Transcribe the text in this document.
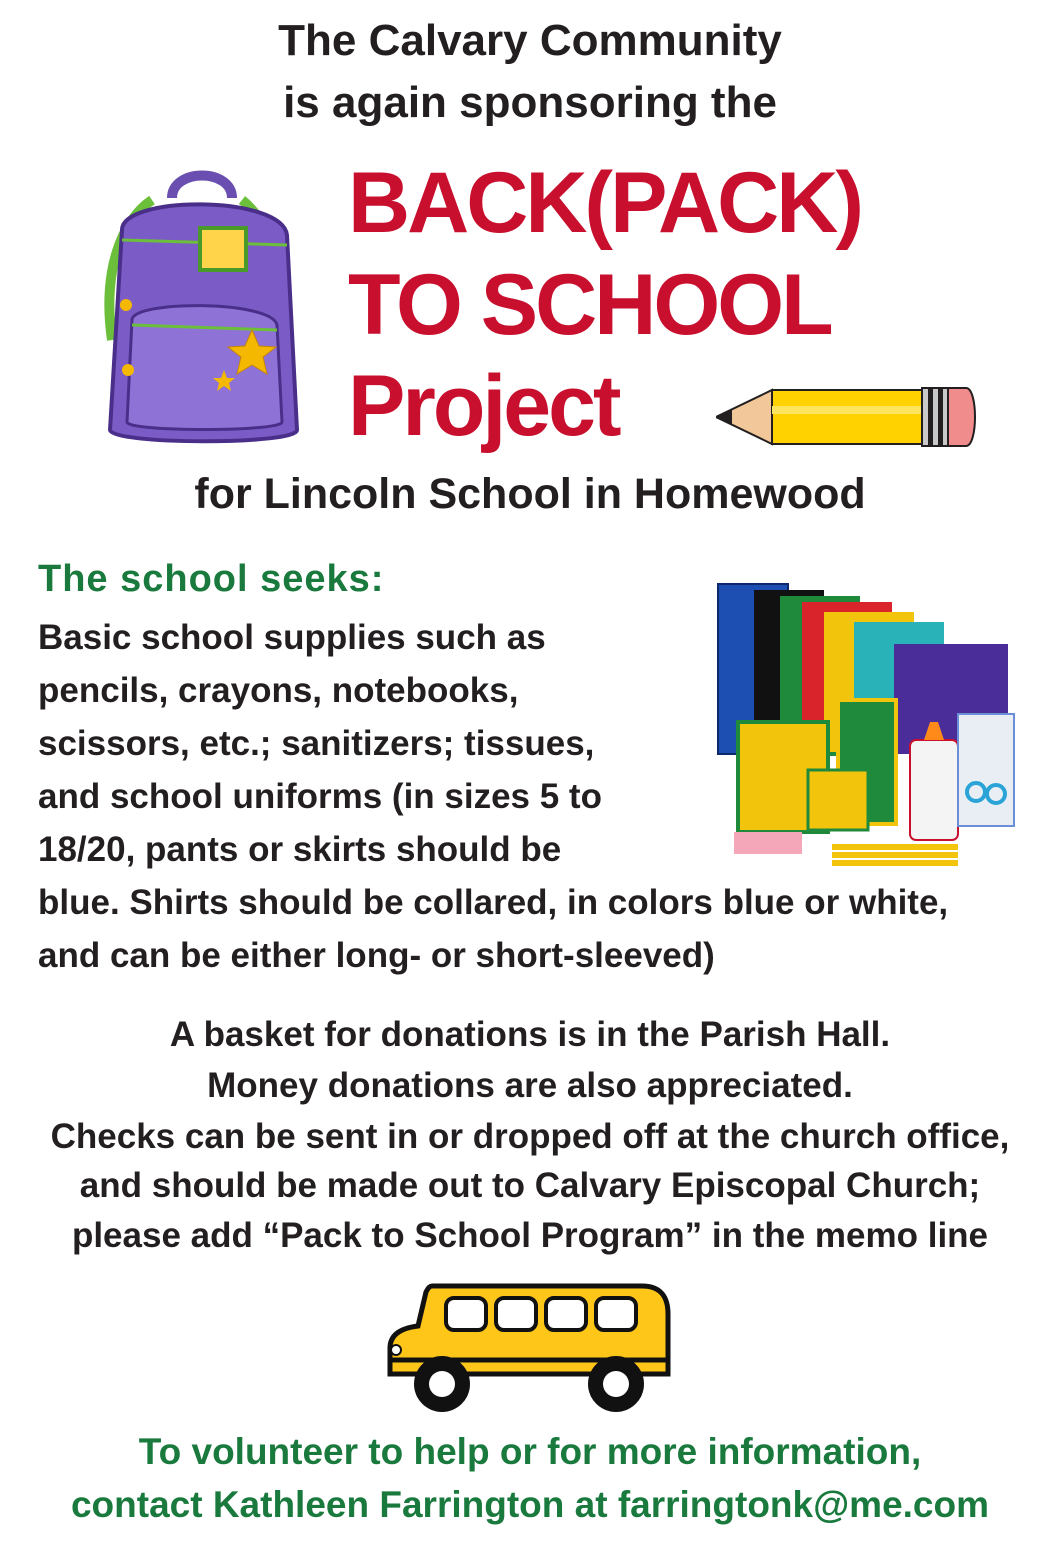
The Calvary Community
is again sponsoring the
BACK(PACK)
TO SCHOOL
Project
for Lincoln School in Homewood
The school seeks:
Basic school supplies such as
pencils, crayons, notebooks,
scissors, etc.; sanitizers; tissues,
and school uniforms (in sizes 5 to
18/20, pants or skirts should be
blue. Shirts should be collared, in colors blue or white,
and can be either long- or short-sleeved)
A basket for donations is in the Parish Hall.
Money donations are also appreciated.
Checks can be sent in or dropped off at the church office,
and should be made out to Calvary Episcopal Church;
please add “Pack to School Program” in the memo line
To volunteer to help or for more information,
contact Kathleen Farrington at farringtonk@me.com
